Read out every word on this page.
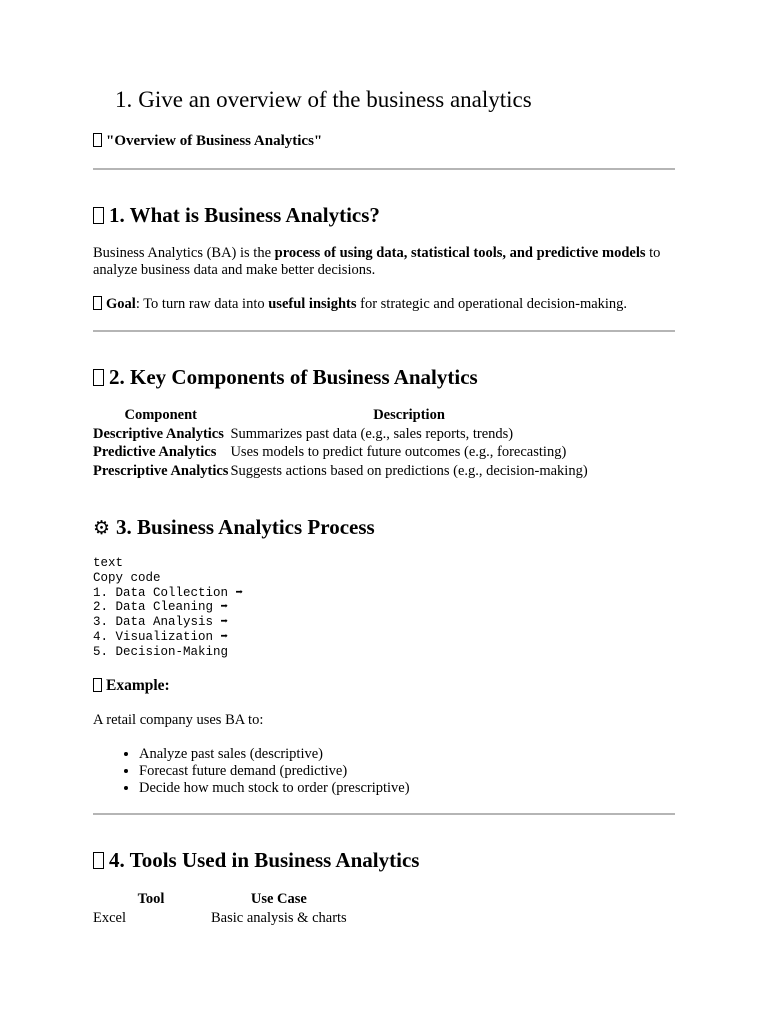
1. Give an overview of the business analytics
"Overview of Business Analytics"
1. What is Business Analytics?

Business Analytics (BA) is the process of using data, statistical tools, and predictive models to analyze business data and make better decisions.

Goal: To turn raw data into useful insights for strategic and operational decision-making.

2. Key Components of Business Analytics
Component	Description
Descriptive Analytics	Summarizes past data (e.g., sales reports, trends)
Predictive Analytics	Uses models to predict future outcomes (e.g., forecasting)
Prescriptive Analytics	Suggests actions based on predictions (e.g., decision-making)
⚙ 3. Business Analytics Process
text
Copy code
1. Data Collection ➡
2. Data Cleaning ➡
3. Data Analysis ➡
4. Visualization ➡
5. Decision-Making
Example:

A retail company uses BA to:

• Analyze past sales (descriptive)
• Forecast future demand (predictive)
• Decide how much stock to order (prescriptive)
4. Tools Used in Business Analytics
Tool	Use Case
Excel	Basic analysis & charts
